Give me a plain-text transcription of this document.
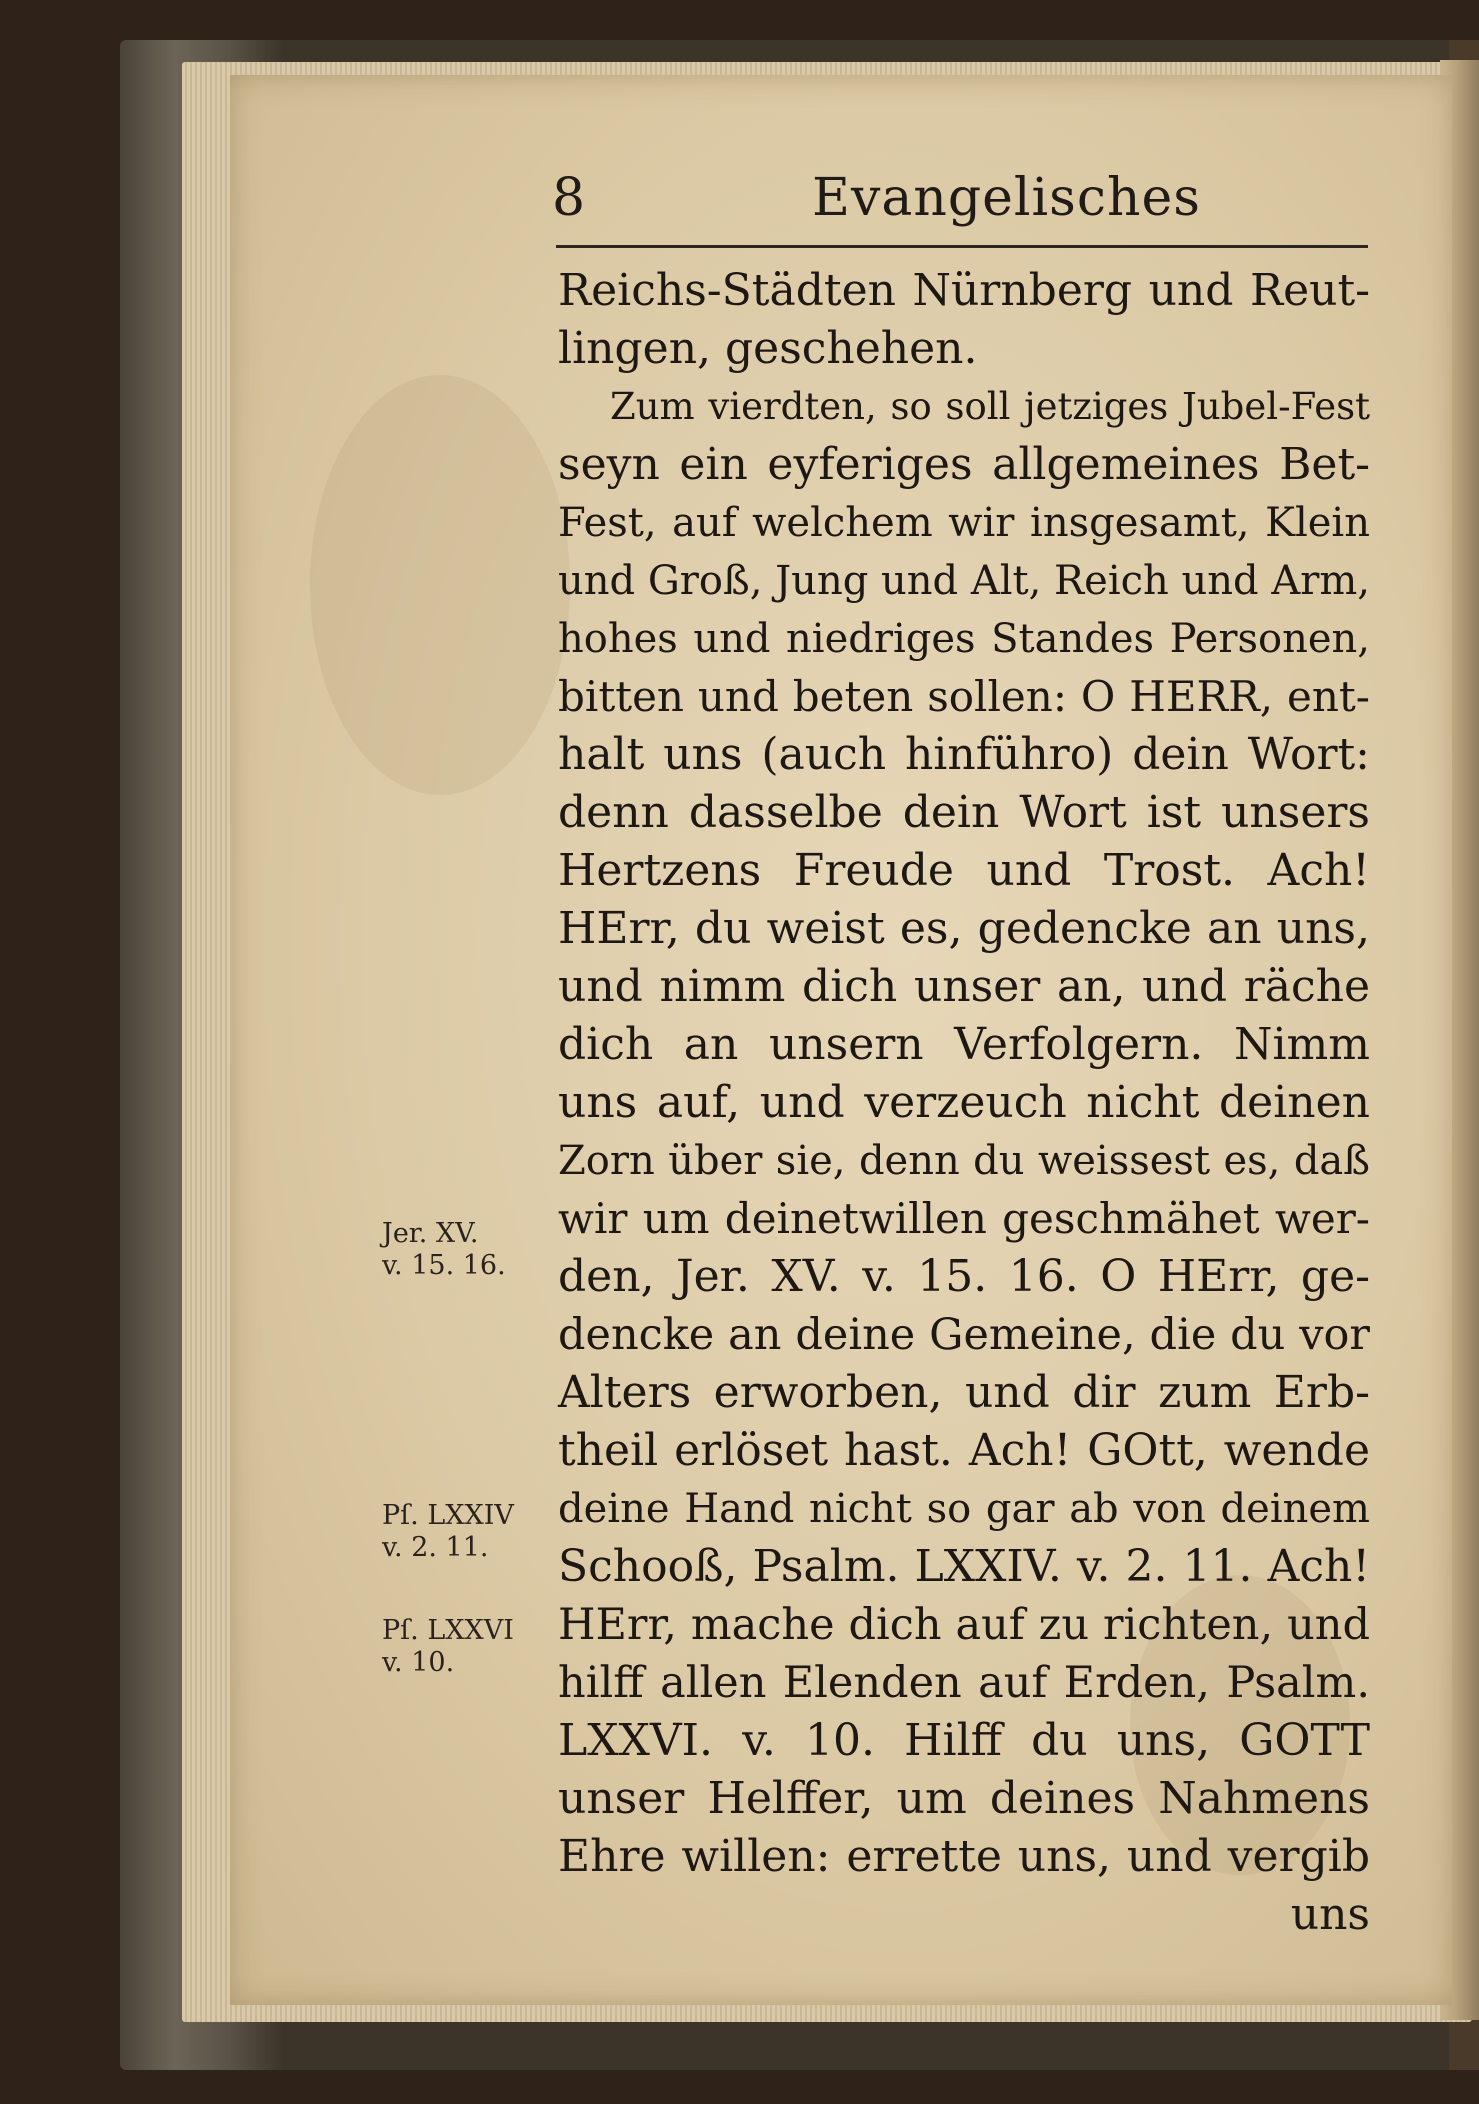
8	Evangelisches
Reichs-Städten Nürnberg und Reut-
lingen, geschehen.
Zum vierdten, so soll jetziges Jubel-Fest
seyn ein eyferiges allgemeines Bet-
Fest, auf welchem wir insgesamt, Klein
und Groß, Jung und Alt, Reich und Arm,
hohes und niedriges Standes Personen,
bitten und beten sollen: O HERR, ent-
halt uns (auch hinführo) dein Wort:
denn dasselbe dein Wort ist unsers
Hertzens Freude und Trost. Ach!
HErr, du weist es, gedencke an uns,
und nimm dich unser an, und räche
dich an unsern Verfolgern. Nimm
uns auf, und verzeuch nicht deinen
Zorn über sie, denn du weissest es, daß
wir um deinetwillen geschmähet wer-
den, Jer. XV. v. 15. 16. O HErr, ge-
dencke an deine Gemeine, die du vor
Alters erworben, und dir zum Erb-
theil erlöset hast. Ach! GOtt, wende
deine Hand nicht so gar ab von deinem
Schooß, Psalm. LXXIV. v. 2. 11. Ach!
HErr, mache dich auf zu richten, und
hilff allen Elenden auf Erden, Psalm.
LXXVI. v. 10. Hilff du uns, GOTT
unser Helffer, um deines Nahmens
Ehre willen: errette uns, und vergib
uns
Jer. XV.
v. 15. 16.
Pſ. LXXIV
v. 2. 11.
Pſ. LXXVI
v. 10.
